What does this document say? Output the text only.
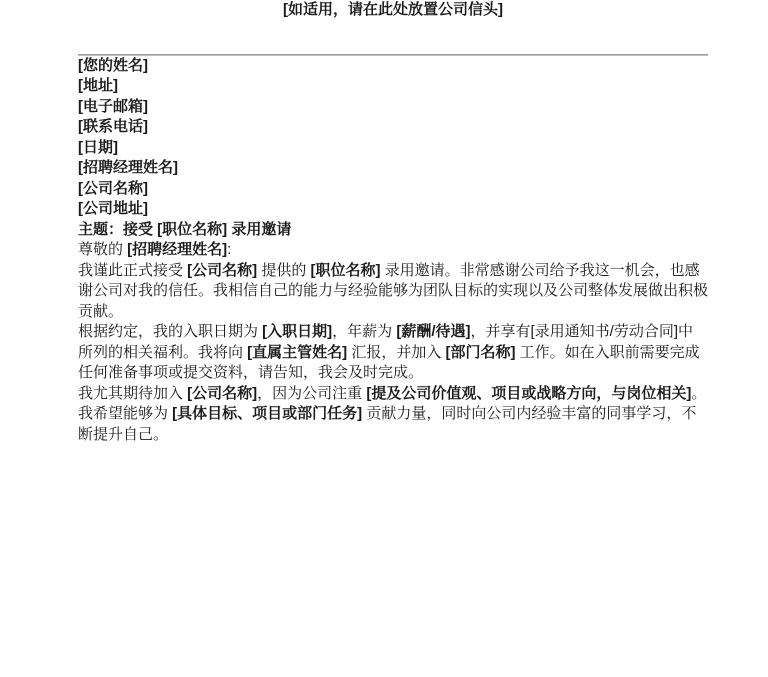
[如适用，请在此处放置公司信头]
[您的姓名]
[地址]
[电子邮箱]
[联系电话]
[日期]
[招聘经理姓名]
[公司名称]
[公司地址]

主题：接受 [职位名称] 录用邀请

尊敬的 [招聘经理姓名]:

我谨此正式接受 [公司名称] 提供的 [职位名称] 录用邀请。非常感谢公司给予我这一机会，也感谢公司对我的信任。我相信自己的能力与经验能够为团队目标的实现以及公司整体发展做出积极贡献。

根据约定，我的入职日期为 [入职日期]，年薪为 [薪酬/待遇]，并享有[录用通知书/劳动合同]中所列的相关福利。我将向 [直属主管姓名] 汇报，并加入 [部门名称] 工作。如在入职前需要完成任何准备事项或提交资料，请告知，我会及时完成。

我尤其期待加入 [公司名称]，因为公司注重 [提及公司价值观、项目或战略方向，与岗位相关]。我希望能够为 [具体目标、项目或部门任务] 贡献力量，同时向公司内经验丰富的同事学习，不断提升自己。
